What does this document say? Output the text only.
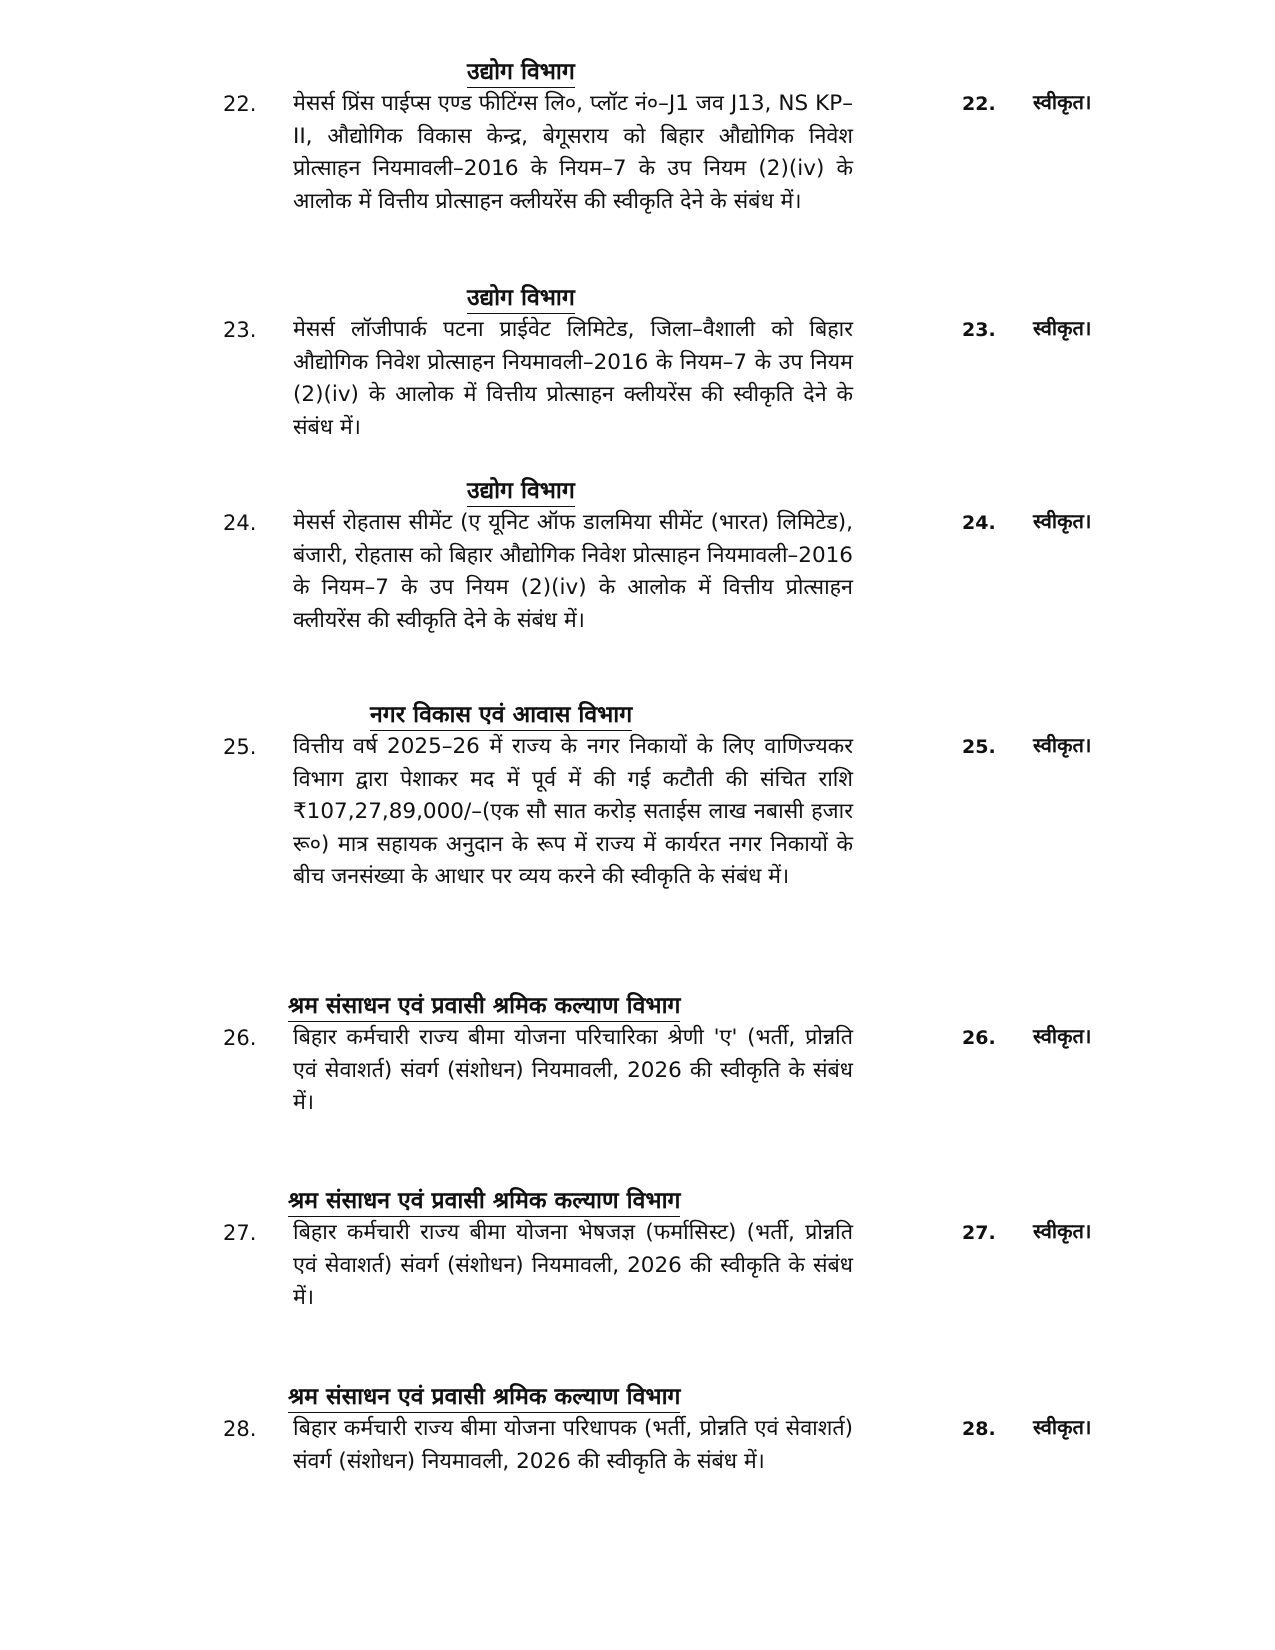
उद्योग विभाग
22.	मेसर्स प्रिंस पाईप्स एण्ड फीटिंग्स लि०, प्लॉट नं०–J1 जव J13, NS KP–II, औद्योगिक विकास केन्द्र, बेगूसराय को बिहार औद्योगिक निवेश प्रोत्साहन नियमावली–2016 के नियम–7 के उप नियम (2)(iv) के आलोक में वित्तीय प्रोत्साहन क्लीयरेंस की स्वीकृति देने के संबंध में।
22.	स्वीकृत।
उद्योग विभाग
23.	मेसर्स लॉजीपार्क पटना प्राईवेट लिमिटेड, जिला–वैशाली को बिहार औद्योगिक निवेश प्रोत्साहन नियमावली–2016 के नियम–7 के उप नियम (2)(iv) के आलोक में वित्तीय प्रोत्साहन क्लीयरेंस की स्वीकृति देने के संबंध में।
23.	स्वीकृत।
उद्योग विभाग
24.	मेसर्स रोहतास सीमेंट (ए यूनिट ऑफ डालमिया सीमेंट (भारत) लिमिटेड), बंजारी, रोहतास को बिहार औद्योगिक निवेश प्रोत्साहन नियमावली–2016 के नियम–7 के उप नियम (2)(iv) के आलोक में वित्तीय प्रोत्साहन क्लीयरेंस की स्वीकृति देने के संबंध में।
24.	स्वीकृत।
नगर विकास एवं आवास विभाग
25.	वित्तीय वर्ष 2025–26 में राज्य के नगर निकायों के लिए वाणिज्यकर विभाग द्वारा पेशाकर मद में पूर्व में की गई कटौती की संचित राशि ₹107,27,89,000/–(एक सौ सात करोड़ सताईस लाख नबासी हजार रू०) मात्र सहायक अनुदान के रूप में राज्य में कार्यरत नगर निकायों के बीच जनसंख्या के आधार पर व्यय करने की स्वीकृति के संबंध में।
25.	स्वीकृत।
श्रम संसाधन एवं प्रवासी श्रमिक कल्याण विभाग
26.	बिहार कर्मचारी राज्य बीमा योजना परिचारिका श्रेणी 'ए' (भर्ती, प्रोन्नति एवं सेवाशर्त) संवर्ग (संशोधन) नियमावली, 2026 की स्वीकृति के संबंध में।
26.	स्वीकृत।
श्रम संसाधन एवं प्रवासी श्रमिक कल्याण विभाग
27.	बिहार कर्मचारी राज्य बीमा योजना भेषजज्ञ (फर्मासिस्ट) (भर्ती, प्रोन्नति एवं सेवाशर्त) संवर्ग (संशोधन) नियमावली, 2026 की स्वीकृति के संबंध में।
27.	स्वीकृत।
श्रम संसाधन एवं प्रवासी श्रमिक कल्याण विभाग
28.	बिहार कर्मचारी राज्य बीमा योजना परिधापक (भर्ती, प्रोन्नति एवं सेवाशर्त) संवर्ग (संशोधन) नियमावली, 2026 की स्वीकृति के संबंध में।
28.	स्वीकृत।
